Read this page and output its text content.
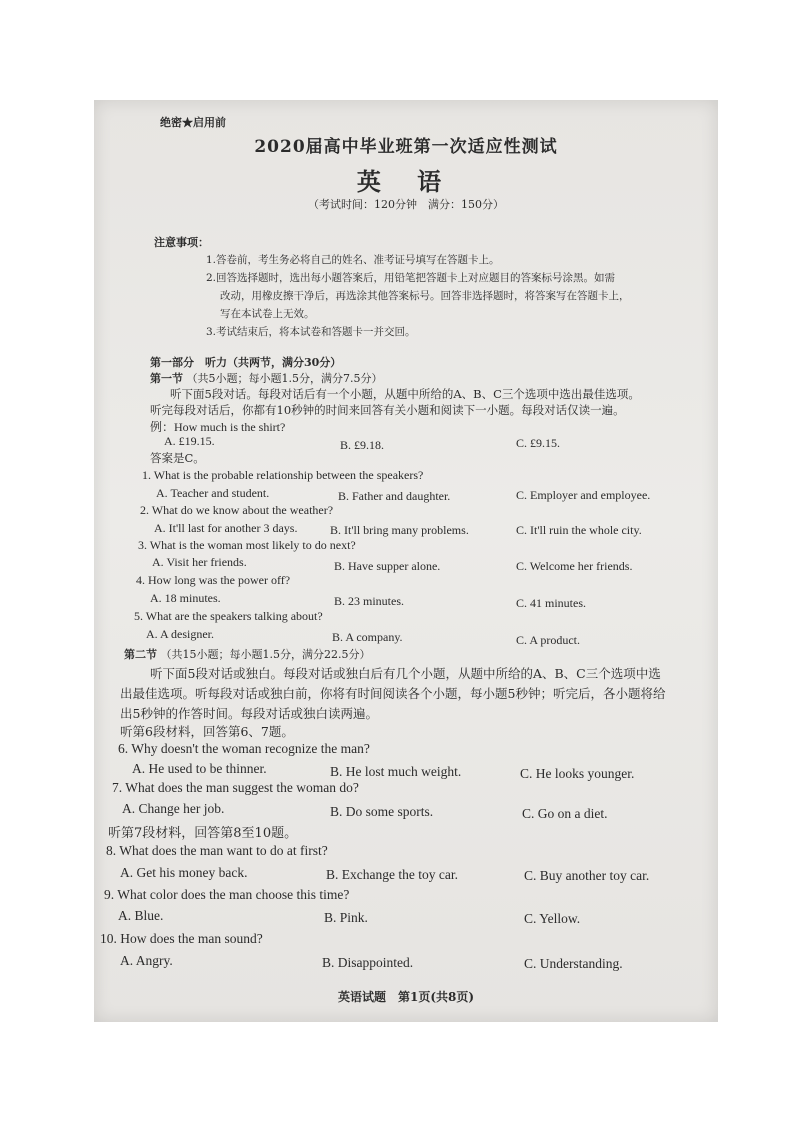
绝密★启用前
2020届高中毕业班第一次适应性测试
英 语
（考试时间：120分钟　满分：150分）
注意事项：
1.答卷前，考生务必将自己的姓名、准考证号填写在答题卡上。
2.回答选择题时，选出每小题答案后，用铅笔把答题卡上对应题目的答案标号涂黑。如需
改动，用橡皮擦干净后，再选涂其他答案标号。回答非选择题时，将答案写在答题卡上，
写在本试卷上无效。
3.考试结束后，将本试卷和答题卡一并交回。
第一部分　听力（共两节，满分30分）
第一节 （共5小题；每小题1.5分，满分7.5分）
听下面5段对话。每段对话后有一个小题，从题中所给的A、B、C三个选项中选出最佳选项。
听完每段对话后，你都有10秒钟的时间来回答有关小题和阅读下一小题。每段对话仅读一遍。
例：How much is the shirt?
A. £19.15.	B. £9.18.	C. £9.15.
答案是C。
1. What is the probable relationship between the speakers?
A. Teacher and student.	B. Father and daughter.	C. Employer and employee.
2. What do we know about the weather?
A. It'll last for another 3 days.	B. It'll bring many problems.	C. It'll ruin the whole city.
3. What is the woman most likely to do next?
A. Visit her friends.	B. Have supper alone.	C. Welcome her friends.
4. How long was the power off?
A. 18 minutes.	B. 23 minutes.	C. 41 minutes.
5. What are the speakers talking about?
A. A designer.	B. A company.	C. A product.
第二节 （共15小题；每小题1.5分，满分22.5分）
听下面5段对话或独白。每段对话或独白后有几个小题，从题中所给的A、B、C三个选项中选
出最佳选项。听每段对话或独白前，你将有时间阅读各个小题，每小题5秒钟；听完后，各小题将给
出5秒钟的作答时间。每段对话或独白读两遍。
听第6段材料，回答第6、7题。
6. Why doesn't the woman recognize the man?
A. He used to be thinner.	B. He lost much weight.	C. He looks younger.
7. What does the man suggest the woman do?
A. Change her job.	B. Do some sports.	C. Go on a diet.
听第7段材料，回答第8至10题。
8. What does the man want to do at first?
A. Get his money back.	B. Exchange the toy car.	C. Buy another toy car.
9. What color does the man choose this time?
A. Blue.	B. Pink.	C. Yellow.
10. How does the man sound?
A. Angry.	B. Disappointed.	C. Understanding.
英语试题　第1页(共8页)
